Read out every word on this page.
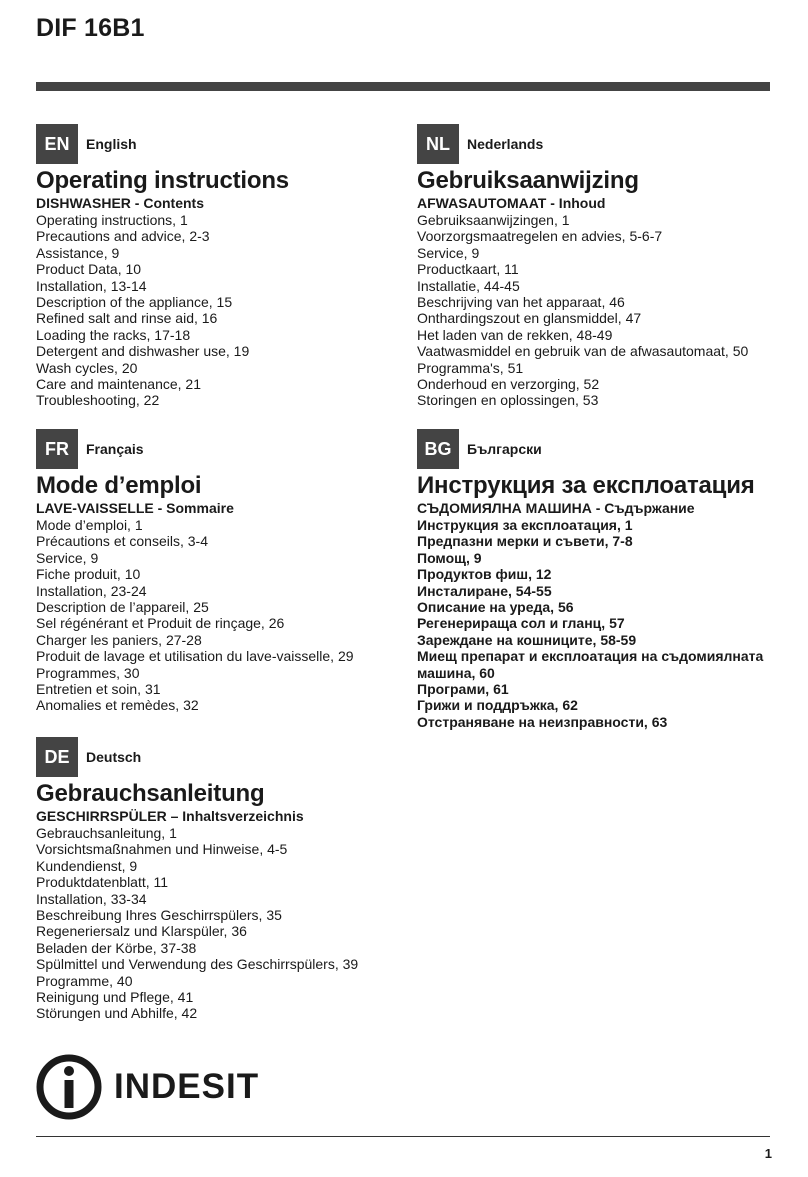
DIF 16B1
EN	English
Operating instructions
DISHWASHER - Contents
Operating instructions, 1
Precautions and advice, 2-3
Assistance, 9
Product Data, 10
Installation, 13-14
Description of the appliance, 15
Refined salt and rinse aid, 16
Loading the racks, 17-18
Detergent and dishwasher use, 19
Wash cycles, 20
Care and maintenance, 21
Troubleshooting, 22
NL	Nederlands
Gebruiksaanwijzing
AFWASAUTOMAAT - Inhoud
Gebruiksaanwijzingen, 1
Voorzorgsmaatregelen en advies, 5-6-7
Service, 9
Productkaart, 11
Installatie, 44-45
Beschrijving van het apparaat, 46
Onthardingszout en glansmiddel, 47
Het laden van de rekken, 48-49
Vaatwasmiddel en gebruik van de afwasautomaat, 50
Programma's, 51
Onderhoud en verzorging, 52
Storingen en oplossingen, 53
FR	Français
Mode d’emploi
LAVE-VAISSELLE - Sommaire
Mode d’emploi, 1
Précautions et conseils, 3-4
Service, 9
Fiche produit, 10
Installation, 23-24
Description de l’appareil, 25
Sel régénérant et Produit de rinçage, 26
Charger les paniers, 27-28
Produit de lavage et utilisation du lave-vaisselle, 29
Programmes, 30
Entretien et soin, 31
Anomalies et remèdes, 32
BG	Български
Инструкция за експлоатация
СЪДОМИЯЛНА МАШИНА - Съдържание
Инструкция за експлоатация, 1
Предпазни мерки и съвети, 7-8
Помощ, 9
Продуктов фиш, 12
Инсталиране, 54-55
Описание на уреда, 56
Регенерираща сол и гланц, 57
Зареждане на кошниците, 58-59
Миещ препарат и експлоатация на съдомиялната
машина, 60
Програми, 61
Грижи и поддръжка, 62
Отстраняване на неизправности, 63
DE	Deutsch
Gebrauchsanleitung
GESCHIRRSPÜLER – Inhaltsverzeichnis
Gebrauchsanleitung, 1
Vorsichtsmaßnahmen und Hinweise, 4-5
Kundendienst, 9
Produktdatenblatt, 11
Installation, 33-34
Beschreibung Ihres Geschirrspülers, 35
Regeneriersalz und Klarspüler, 36
Beladen der Körbe, 37-38
Spülmittel und Verwendung des Geschirrspülers, 39
Programme, 40
Reinigung und Pflege, 41
Störungen und Abhilfe, 42
INDESIT
1
